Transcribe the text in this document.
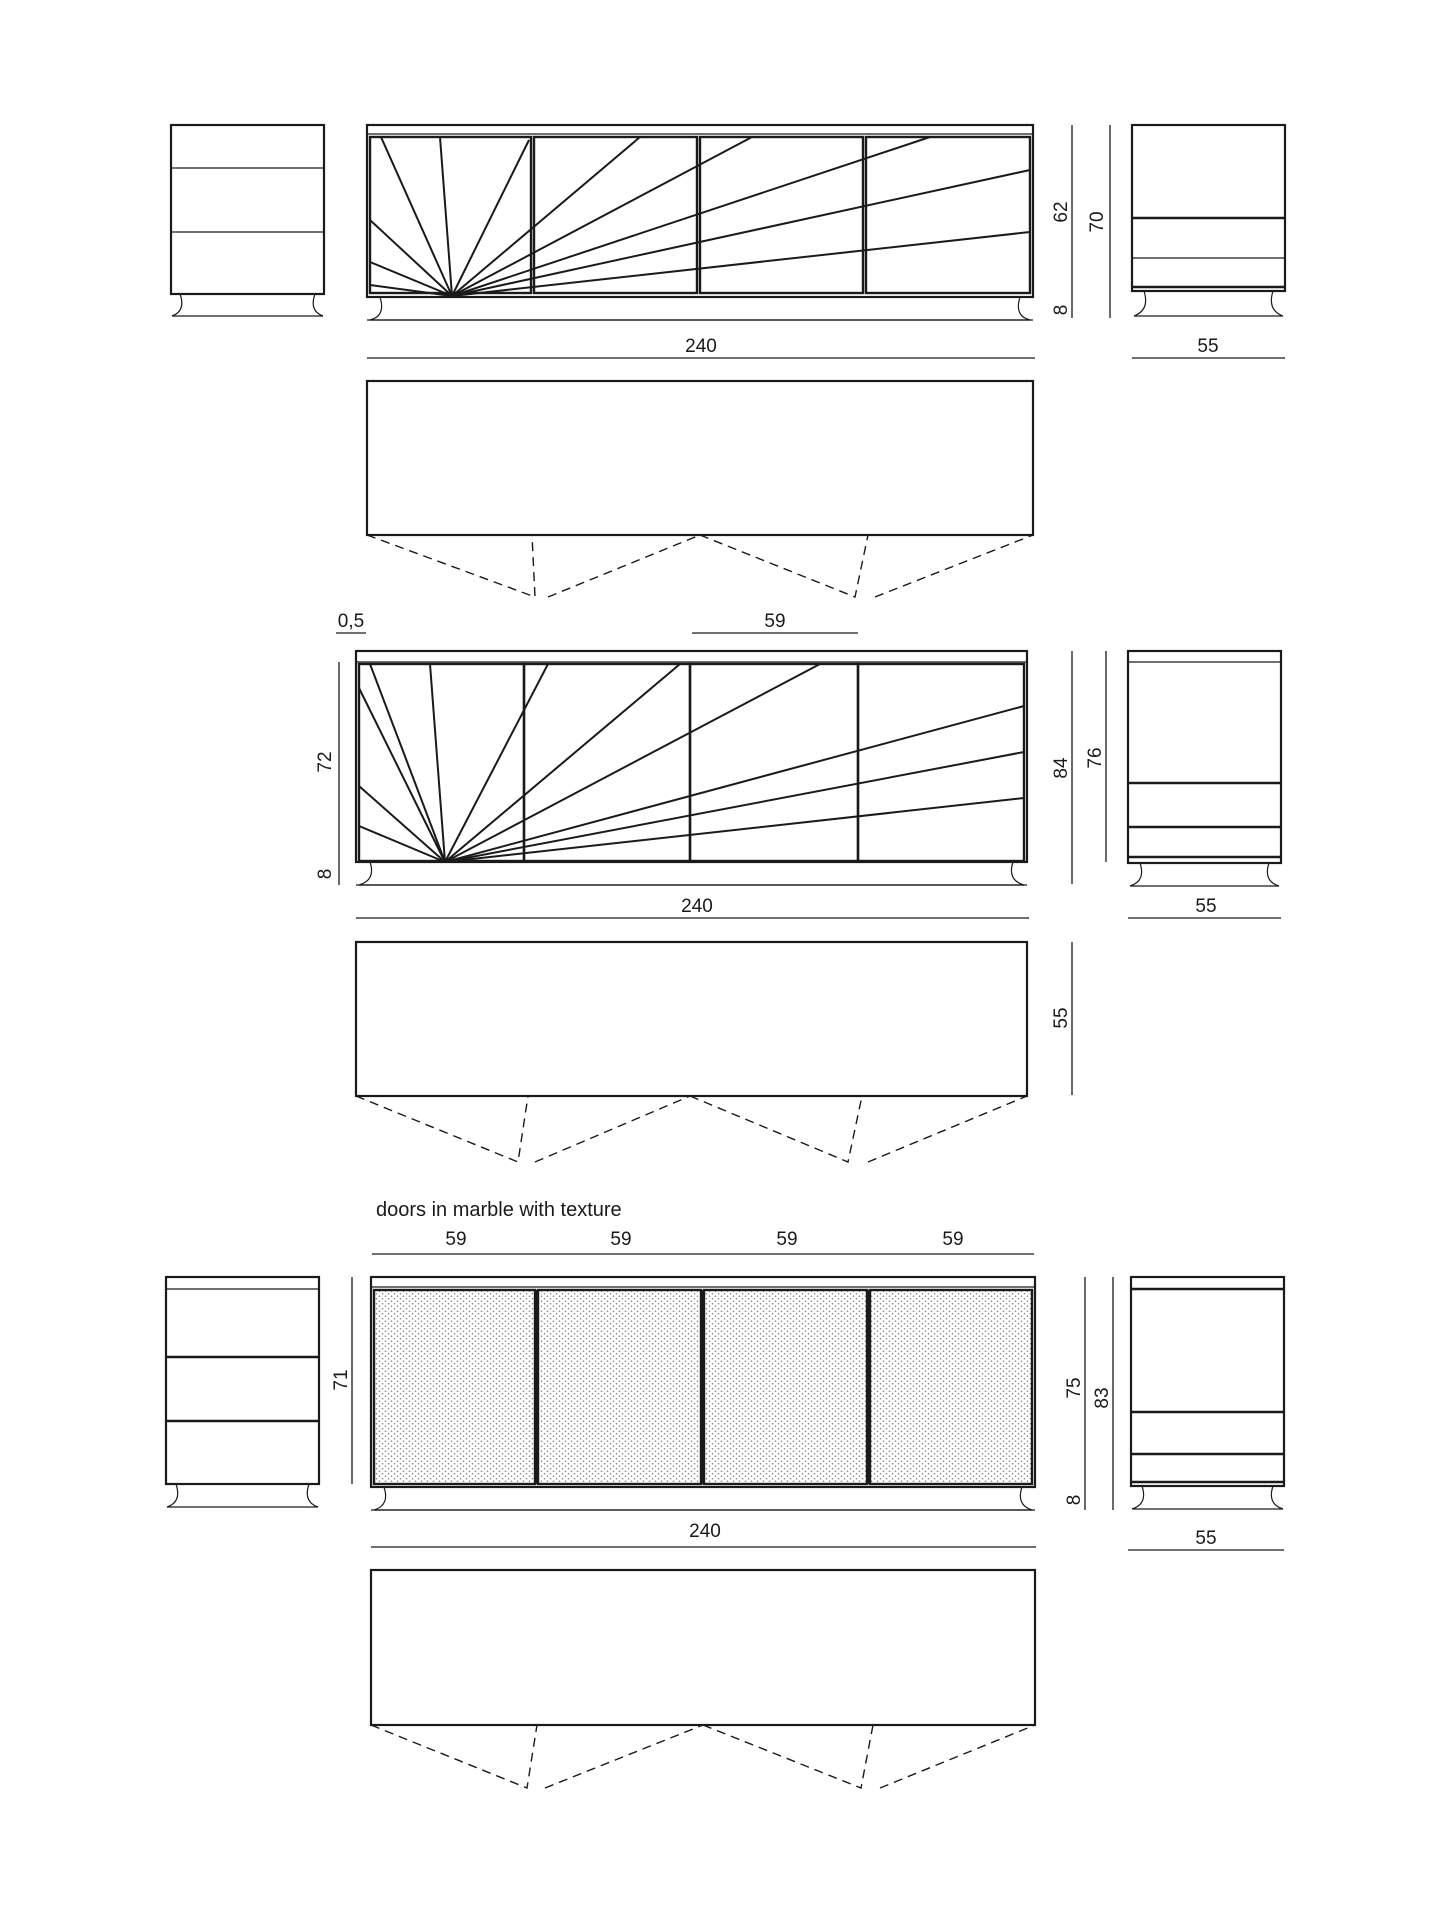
62 70
8
55
240
0,5	59
72
8
84 76
55
240
55
doors in marble with texture
59	59	59	59
71	75 83
8
55
240
